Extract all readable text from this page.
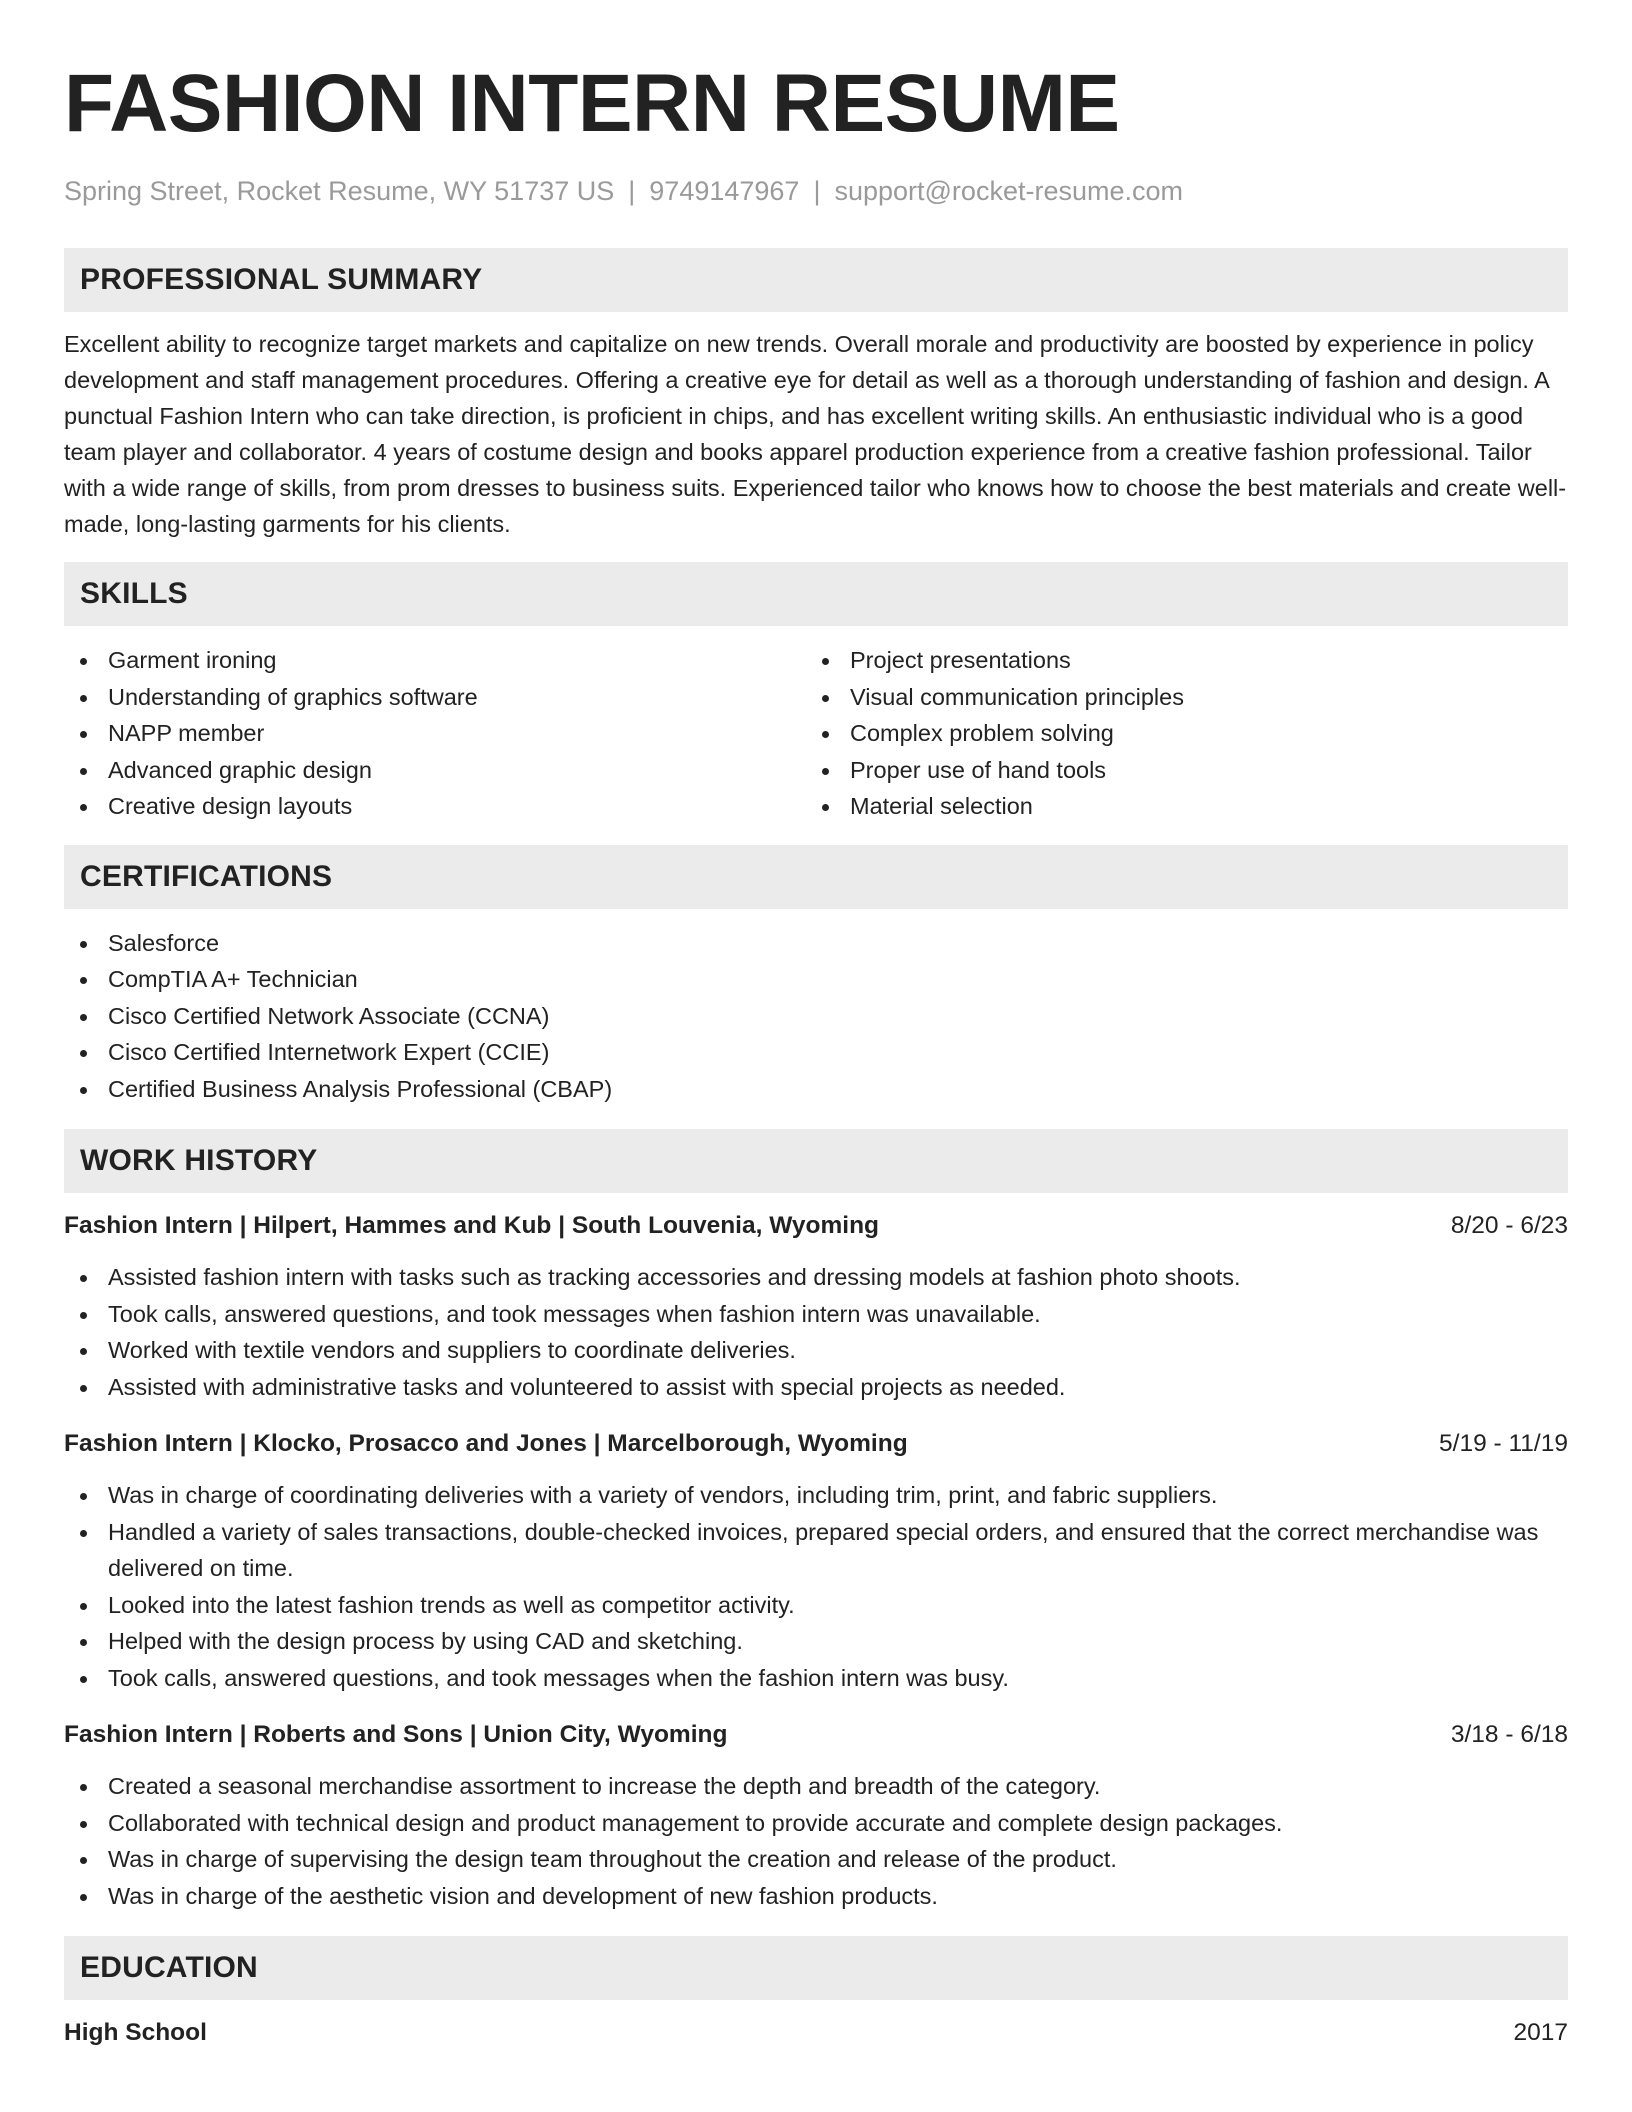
FASHION INTERN RESUME
Spring Street, Rocket Resume, WY 51737 US | 9749147967 | support@rocket-resume.com
PROFESSIONAL SUMMARY

Excellent ability to recognize target markets and capitalize on new trends. Overall morale and productivity are boosted by experience in policy development and staff management procedures. Offering a creative eye for detail as well as a thorough understanding of fashion and design. A punctual Fashion Intern who can take direction, is proficient in chips, and has excellent writing skills. An enthusiastic individual who is a good team player and collaborator. 4 years of costume design and books apparel production experience from a creative fashion professional. Tailor with a wide range of skills, from prom dresses to business suits. Experienced tailor who knows how to choose the best materials and create well-made, long-lasting garments for his clients.

SKILLS
Garment ironing
Understanding of graphics software
NAPP member
Advanced graphic design
Creative design layouts
Project presentations
Visual communication principles
Complex problem solving
Proper use of hand tools
Material selection
CERTIFICATIONS
Salesforce
CompTIA A+ Technician
Cisco Certified Network Associate (CCNA)
Cisco Certified Internetwork Expert (CCIE)
Certified Business Analysis Professional (CBAP)
WORK HISTORY
Fashion Intern | Hilpert, Hammes and Kub | South Louvenia, Wyoming	8/20 - 6/23
Assisted fashion intern with tasks such as tracking accessories and dressing models at fashion photo shoots.
Took calls, answered questions, and took messages when fashion intern was unavailable.
Worked with textile vendors and suppliers to coordinate deliveries.
Assisted with administrative tasks and volunteered to assist with special projects as needed.
Fashion Intern | Klocko, Prosacco and Jones | Marcelborough, Wyoming	5/19 - 11/19
Was in charge of coordinating deliveries with a variety of vendors, including trim, print, and fabric suppliers.
Handled a variety of sales transactions, double-checked invoices, prepared special orders, and ensured that the correct merchandise was delivered on time.
Looked into the latest fashion trends as well as competitor activity.
Helped with the design process by using CAD and sketching.
Took calls, answered questions, and took messages when the fashion intern was busy.
Fashion Intern | Roberts and Sons | Union City, Wyoming	3/18 - 6/18
Created a seasonal merchandise assortment to increase the depth and breadth of the category.
Collaborated with technical design and product management to provide accurate and complete design packages.
Was in charge of supervising the design team throughout the creation and release of the product.
Was in charge of the aesthetic vision and development of new fashion products.
EDUCATION
High School	2017
